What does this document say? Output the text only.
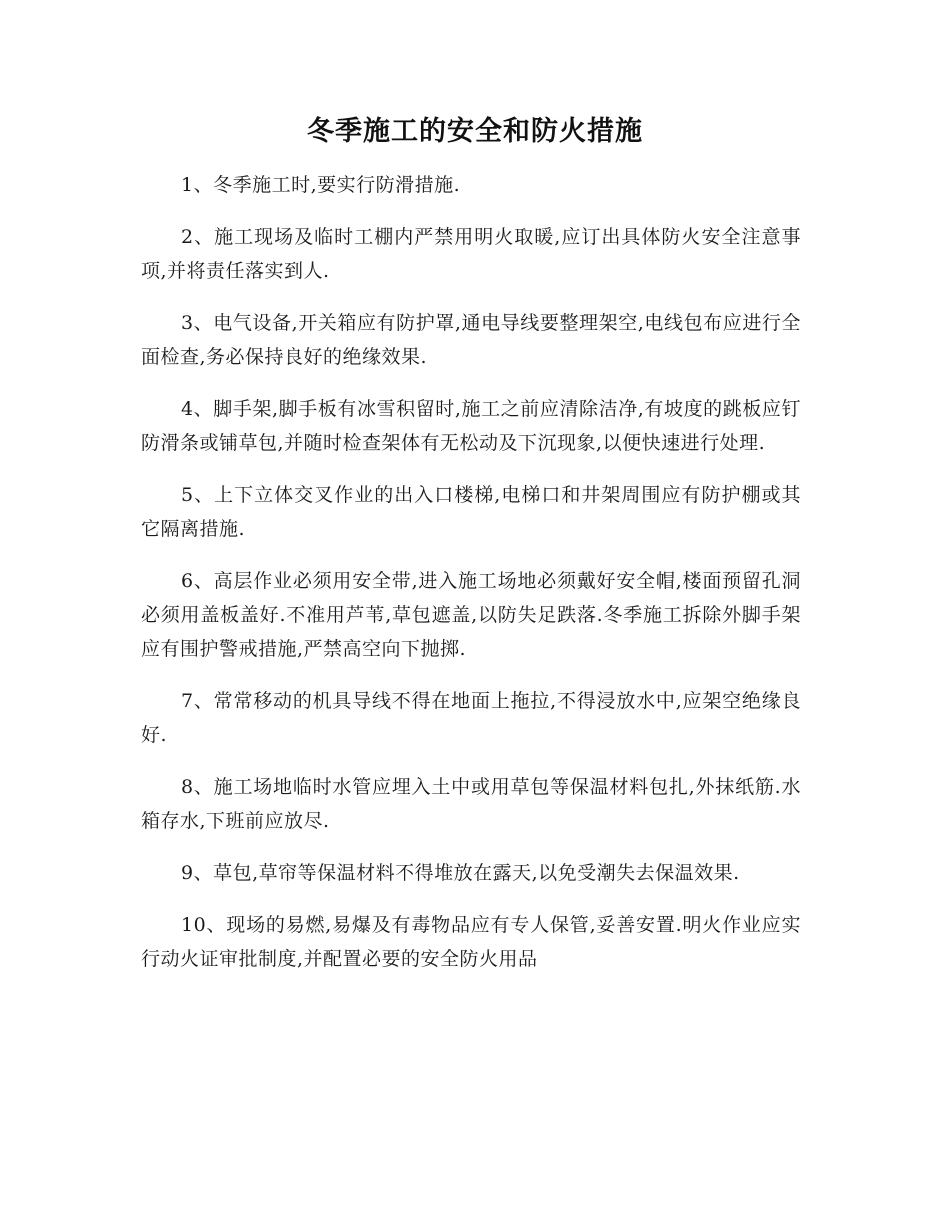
冬季施工的安全和防火措施

1、冬季施工时,要实行防滑措施.

2、施工现场及临时工棚内严禁用明火取暖,应订出具体防火安全注意事项,并将责任落实到人.

3、电气设备,开关箱应有防护罩,通电导线要整理架空,电线包布应进行全面检查,务必保持良好的绝缘效果.

4、脚手架,脚手板有冰雪积留时,施工之前应清除洁净,有坡度的跳板应钉防滑条或铺草包,并随时检查架体有无松动及下沉现象,以便快速进行处理.

5、上下立体交叉作业的出入口楼梯,电梯口和井架周围应有防护棚或其它隔离措施.

6、高层作业必须用安全带,进入施工场地必须戴好安全帽,楼面预留孔洞必须用盖板盖好.不准用芦苇,草包遮盖,以防失足跌落.冬季施工拆除外脚手架应有围护警戒措施,严禁高空向下抛掷.

7、常常移动的机具导线不得在地面上拖拉,不得浸放水中,应架空绝缘良好.

8、施工场地临时水管应埋入土中或用草包等保温材料包扎,外抹纸筋.水箱存水,下班前应放尽.

9、草包,草帘等保温材料不得堆放在露天,以免受潮失去保温效果.

10、现场的易燃,易爆及有毒物品应有专人保管,妥善安置.明火作业应实行动火证审批制度,并配置必要的安全防火用品
